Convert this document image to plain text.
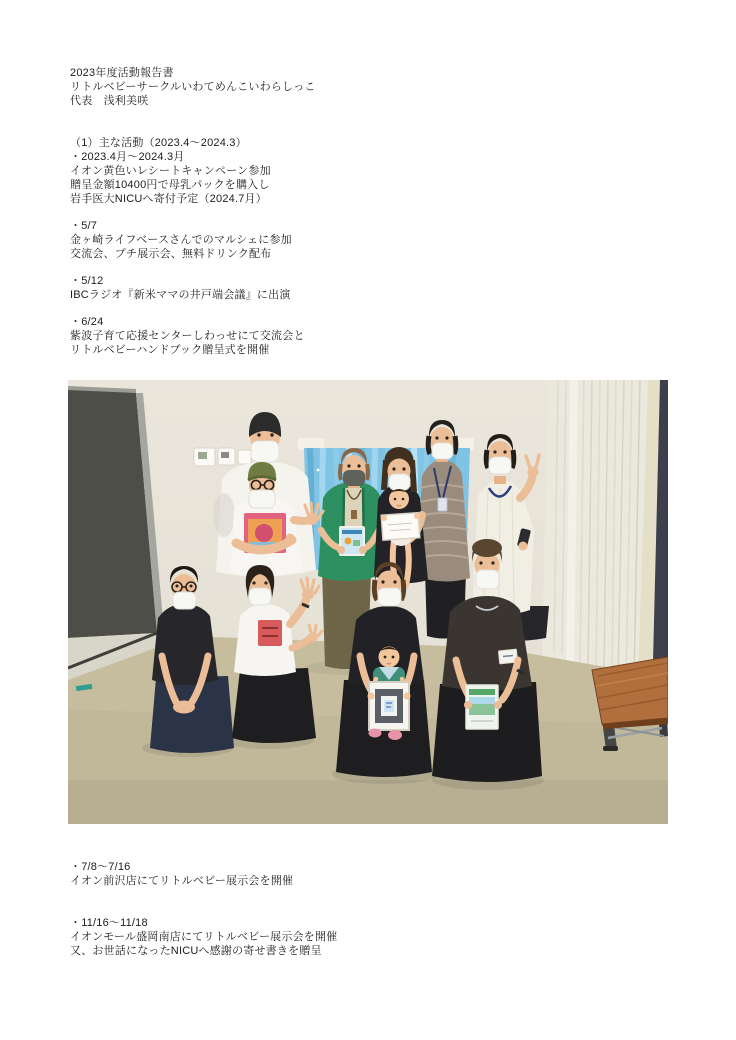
2023年度活動報告書
リトルベビーサークルいわてめんこいわらしっこ
代表　浅利美咲
（1）主な活動（2023.4〜2024.3）
・2023.4月〜2024.3月
イオン黄色いレシートキャンペーン参加
贈呈金額10400円で母乳パックを購入し
岩手医大NICUへ寄付予定（2024.7月）
・5/7
金ヶ崎ライフベースさんでのマルシェに参加
交流会、プチ展示会、無料ドリンク配布
・5/12
IBCラジオ『新米ママの井戸端会議』に出演
・6/24
紫波子育て応援センターしわっせにて交流会と
リトルベビーハンドブック贈呈式を開催
・7/8〜7/16
イオン前沢店にてリトルベビー展示会を開催
・11/16〜11/18
イオンモール盛岡南店にてリトルベビー展示会を開催
又、お世話になったNICUへ感謝の寄せ書きを贈呈
